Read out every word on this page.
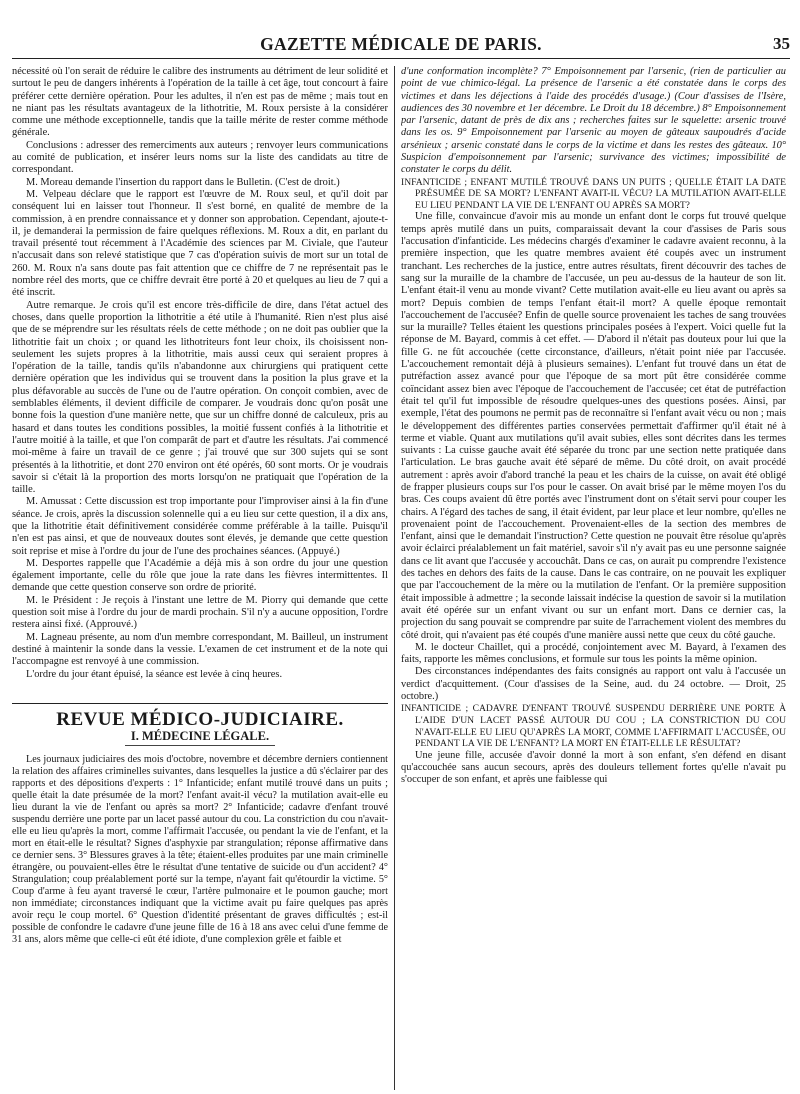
GAZETTE MÉDICALE DE PARIS.	35

nécessité où l'on serait de réduire le calibre des instruments au détriment de leur solidité et surtout le peu de dangers inhérents à l'opération de la taille à cet âge, tout concourt à faire préférer cette dernière opération. Pour les adultes, il n'en est pas de même ; mais tout en ne niant pas les résultats avantageux de la lithotritie, M. Roux persiste à la considérer comme une méthode exceptionnelle, tandis que la taille mérite de rester comme méthode générale.

Conclusions : adresser des remerciments aux auteurs ; renvoyer leurs communications au comité de publication, et insérer leurs noms sur la liste des candidats au titre de correspondant.

M. Moreau demande l'insertion du rapport dans le Bulletin. (C'est de droit.)

M. Velpeau déclare que le rapport est l'œuvre de M. Roux seul, et qu'il doit par conséquent lui en laisser tout l'honneur. Il s'est borné, en qualité de membre de la commission, à en prendre connaissance et y donner son approbation. Cependant, ajoute-t-il, je demanderai la permission de faire quelques réflexions. M. Roux a dit, en parlant du travail présenté tout récemment à l'Académie des sciences par M. Civiale, que l'auteur n'accusait dans son relevé statistique que 7 cas d'opération suivis de mort sur un total de 260. M. Roux n'a sans doute pas fait attention que ce chiffre de 7 ne représentait pas le nombre réel des morts, que ce chiffre devrait être porté à 20 et quelques au lieu de 7 qui a été inscrit.

Autre remarque. Je crois qu'il est encore très-difficile de dire, dans l'état actuel des choses, dans quelle proportion la lithotritie a été utile à l'humanité. Rien n'est plus aisé que de se méprendre sur les résultats réels de cette méthode ; on ne doit pas oublier que la lithotritie fait un choix ; or quand les lithotriteurs font leur choix, ils choisissent non-seulement les sujets propres à la lithotritie, mais aussi ceux qui seraient propres à l'opération de la taille, tandis qu'ils n'abandonne aux chirurgiens qui pratiquent cette dernière opération que les individus qui se trouvent dans la position la plus grave et la plus défavorable au succès de l'une ou de l'autre opération. On conçoit combien, avec de semblables éléments, il devient difficile de comparer. Je voudrais donc qu'on posât une bonne fois la question d'une manière nette, que sur un chiffre donné de calculeux, pris au hasard et dans toutes les conditions possibles, la moitié fussent confiés à la lithotritie et l'autre moitié à la taille, et que l'on comparât de part et d'autre les résultats. J'ai commencé moi-même à faire un travail de ce genre ; j'ai trouvé que sur 300 sujets qui se sont présentés à la lithotritie, et dont 270 environ ont été opérés, 60 sont morts. Or je voudrais savoir si c'était là la proportion des morts lorsqu'on ne pratiquait que l'opération de la taille.

M. Amussat : Cette discussion est trop importante pour l'improviser ainsi à la fin d'une séance. Je crois, après la discussion solennelle qui a eu lieu sur cette question, il a dix ans, que la lithotritie était définitivement considérée comme préférable à la taille. Puisqu'il n'en est pas ainsi, et que de nouveaux doutes sont élevés, je demande que cette question soit reprise et mise à l'ordre du jour de l'une des prochaines séances. (Appuyé.)

M. Desportes rappelle que l'Académie a déjà mis à son ordre du jour une question également importante, celle du rôle que joue la rate dans les fièvres intermittentes. Il demande que cette question conserve son ordre de priorité.

M. le Président : Je reçois à l'instant une lettre de M. Piorry qui demande que cette question soit mise à l'ordre du jour de mardi prochain. S'il n'y a aucune opposition, l'ordre restera ainsi fixé. (Approuvé.)

M. Lagneau présente, au nom d'un membre correspondant, M. Bailleul, un instrument destiné à maintenir la sonde dans la vessie. L'examen de cet instrument et de la note qui l'accompagne est renvoyé à une commission.

L'ordre du jour étant épuisé, la séance est levée à cinq heures.

REVUE MÉDICO-JUDICIAIRE.
I. MÉDECINE LÉGALE.

Les journaux judiciaires des mois d'octobre, novembre et décembre derniers contiennent la relation des affaires criminelles suivantes, dans lesquelles la justice a dû s'éclairer par des rapports et des dépositions d'experts : 1° Infanticide; enfant mutilé trouvé dans un puits ; quelle était la date présumée de la mort? l'enfant avait-il vécu? la mutilation avait-elle eu lieu durant la vie de l'enfant ou après sa mort? 2° Infanticide; cadavre d'enfant trouvé suspendu derrière une porte par un lacet passé autour du cou. La constriction du cou n'avait-elle eu lieu qu'après la mort, comme l'affirmait l'accusée, ou pendant la vie de l'enfant, et la mort en était-elle le résultat? Signes d'asphyxie par strangulation; réponse affirmative dans ce dernier sens. 3° Blessures graves à la tête; étaient-elles produites par une main criminelle étrangère, ou pouvaient-elles être le résultat d'une tentative de suicide ou d'un accident? 4° Strangulation; coup préalablement porté sur la tempe, n'ayant fait qu'étourdir la victime. 5° Coup d'arme à feu ayant traversé le cœur, l'artère pulmonaire et le poumon gauche; mort non immédiate; circonstances indiquant que la victime avait pu faire quelques pas après avoir reçu le coup mortel. 6° Question d'identité présentant de graves difficultés ; est-il possible de confondre le cadavre d'une jeune fille de 16 à 18 ans avec celui d'une femme de 31 ans, alors même que celle-ci eût été idiote, d'une complexion grêle et faible et

d'une conformation incomplète? 7° Empoisonnement par l'arsenic, (rien de particulier au point de vue chimico-légal. La présence de l'arsenic a été constatée dans le corps des victimes et dans les déjections à l'aide des procédés d'usage.) (Cour d'assises de l'Isère, audiences des 30 novembre et 1er décembre. Le Droit du 18 décembre.) 8° Empoisonnement par l'arsenic, datant de près de dix ans ; recherches faites sur le squelette: arsenic trouvé dans les os. 9° Empoisonnement par l'arsenic au moyen de gâteaux saupoudrés d'acide arsénieux ; arsenic constaté dans le corps de la victime et dans les restes des gâteaux. 10° Suspicion d'empoisonnement par l'arsenic; survivance des victimes; impossibilité de constater le corps du délit.

INFANTICIDE ; ENFANT MUTILÉ TROUVÉ DANS UN PUITS ; QUELLE ÉTAIT LA DATE PRÉSUMÉE DE SA MORT? L'ENFANT AVAIT-IL VÉCU? LA MUTILATION AVAIT-ELLE EU LIEU PENDANT LA VIE DE L'ENFANT OU APRÈS SA MORT?

Une fille, convaincue d'avoir mis au monde un enfant dont le corps fut trouvé quelque temps après mutilé dans un puits, comparaissait devant la cour d'assises de Paris sous l'accusation d'infanticide. Les médecins chargés d'examiner le cadavre avaient reconnu, à la première inspection, que les quatre membres avaient été coupés avec un instrument tranchant. Les recherches de la justice, entre autres résultats, firent découvrir des taches de sang sur la muraille de la chambre de l'accusée, un peu au-dessus de la hauteur de son lit. L'enfant était-il venu au monde vivant? Cette mutilation avait-elle eu lieu avant ou après sa mort? Depuis combien de temps l'enfant était-il mort? A quelle époque remontait l'accouchement de l'accusée? Enfin de quelle source provenaient les taches de sang trouvées sur la muraille? Telles étaient les questions principales posées à l'expert. Voici quelle fut la réponse de M. Bayard, commis à cet effet. — D'abord il n'était pas douteux pour lui que la fille G. ne fût accouchée (cette circonstance, d'ailleurs, n'était point niée par l'accusée. L'accouchement remontait déjà à plusieurs semaines). L'enfant fut trouvé dans un état de putréfaction assez avancé pour que l'époque de sa mort pût être considérée comme coïncidant assez bien avec l'époque de l'accouchement de l'accusée; cet état de putréfaction était tel qu'il fut impossible de résoudre quelques-unes des questions posées. Ainsi, par exemple, l'état des poumons ne permit pas de reconnaître si l'enfant avait vécu ou non ; mais le développement des différentes parties conservées permettait d'affirmer qu'il était né à terme et viable. Quant aux mutilations qu'il avait subies, elles sont décrites dans les termes suivants : La cuisse gauche avait été séparée du tronc par une section nette pratiquée dans l'articulation. Le bras gauche avait été séparé de même. Du côté droit, on avait procédé autrement : après avoir d'abord tranché la peau et les chairs de la cuisse, on avait été obligé de frapper plusieurs coups sur l'os pour le casser. On avait brisé par le même moyen l'os du bras. Ces coups avaient dû être portés avec l'instrument dont on s'était servi pour couper les chairs. A l'égard des taches de sang, il était évident, par leur place et leur nombre, qu'elles ne provenaient point de l'accouchement. Provenaient-elles de la section des membres de l'enfant, ainsi que le demandait l'instruction? Cette question ne pouvait être résolue qu'après avoir éclairci préalablement un fait matériel, savoir s'il n'y avait pas eu une personne saignée dans ce lit avant que l'accusée y accouchât. Dans ce cas, on aurait pu comprendre l'existence des taches en dehors des faits de la cause. Dans le cas contraire, on ne pouvait les expliquer que par l'accouchement de la mère ou la mutilation de l'enfant. Or la première supposition était impossible à admettre ; la seconde laissait indécise la question de savoir si la mutilation avait été opérée sur un enfant vivant ou sur un enfant mort. Dans ce dernier cas, la projection du sang pouvait se comprendre par suite de l'arrachement violent des membres du côté droit, qui n'avaient pas été coupés d'une manière aussi nette que ceux du côté gauche.

M. le docteur Chaillet, qui a procédé, conjointement avec M. Bayard, à l'examen des faits, rapporte les mêmes conclusions, et formule sur tous les points la même opinion.

Des circonstances indépendantes des faits consignés au rapport ont valu à l'accusée un verdict d'acquittement. (Cour d'assises de la Seine, aud. du 24 octobre. — Droit, 25 octobre.)

INFANTICIDE ; CADAVRE D'ENFANT TROUVÉ SUSPENDU DERRIÈRE UNE PORTE À L'AIDE D'UN LACET PASSÉ AUTOUR DU COU ; LA CONSTRICTION DU COU N'AVAIT-ELLE EU LIEU QU'APRÈS LA MORT, COMME L'AFFIRMAIT L'ACCUSÉE, OU PENDANT LA VIE DE L'ENFANT? LA MORT EN ÉTAIT-ELLE LE RÉSULTAT?

Une jeune fille, accusée d'avoir donné la mort à son enfant, s'en défend en disant qu'accouchée sans aucun secours, après des douleurs tellement fortes qu'elle n'avait pu s'occuper de son enfant, et après une faiblesse qui
